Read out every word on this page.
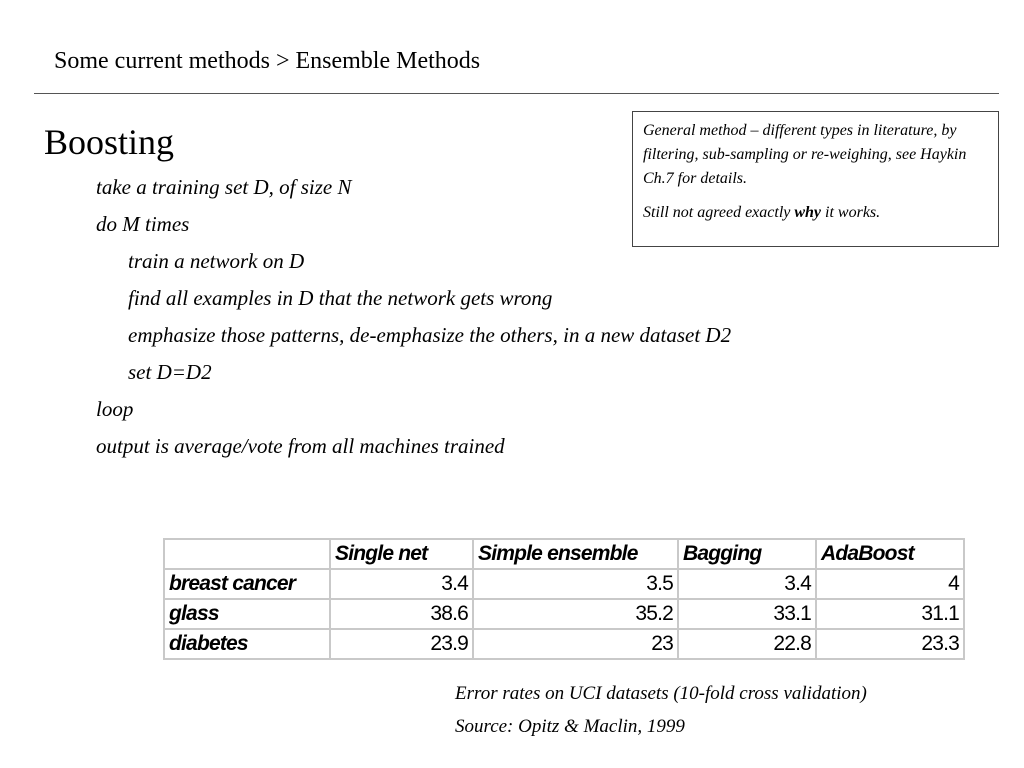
Some current methods > Ensemble Methods
Boosting
take a training set D, of size N
do M times
train a network on D
find all examples in D that the network gets wrong
emphasize those patterns, de-emphasize the others, in a new dataset D2
set D=D2
loop
output is average/vote from all machines trained

General method – different types in literature, by filtering, sub-sampling or re-weighing, see Haykin Ch.7 for details.

Still not agreed exactly why it works.

	Single net	Simple ensemble	Bagging	AdaBoost
breast cancer	3.4	3.5	3.4	4
glass	38.6	35.2	33.1	31.1
diabetes	23.9	23	22.8	23.3
Error rates on UCI datasets (10-fold cross validation)
Source: Opitz & Maclin, 1999
